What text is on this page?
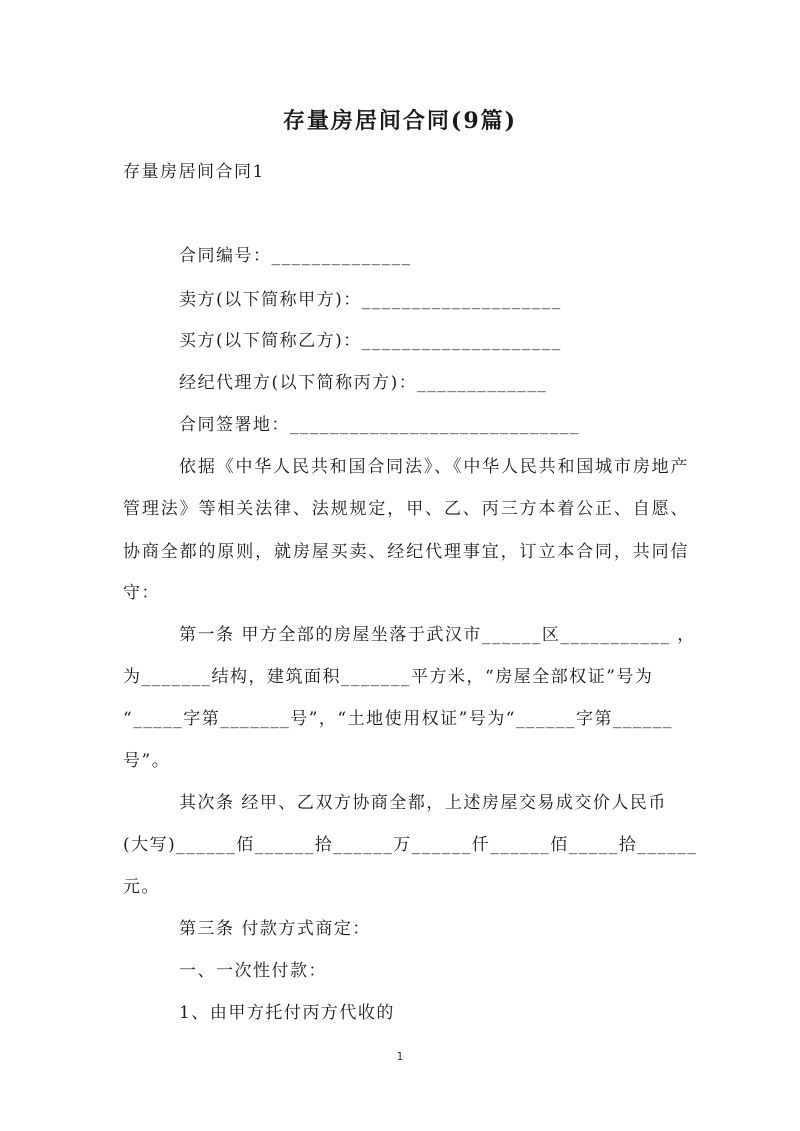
存量房居间合同(9篇)
存量房居间合同1
合同编号：______________
卖方(以下简称甲方)：____________________
买方(以下简称乙方)：____________________
经纪代理方(以下简称丙方)：_____________
合同签署地：_____________________________
依据《中华人民共和国合同法》、《中华人民共和国城市房地产
管理法》等相关法律、法规规定，甲、乙、丙三方本着公正、自愿、
协商全都的原则，就房屋买卖、经纪代理事宜，订立本合同，共同信
守：
第一条 甲方全部的房屋坐落于武汉市______区___________ ，
为_______结构，建筑面积_______平方米，“房屋全部权证”号为
“_____字第_______号”，“土地使用权证”号为“______字第______
号”。
其次条 经甲、乙双方协商全都，上述房屋交易成交价人民币
(大写)______佰______拾______万______仟______佰_____拾______
元。
第三条 付款方式商定：
一、一次性付款：
1、由甲方托付丙方代收的
1
